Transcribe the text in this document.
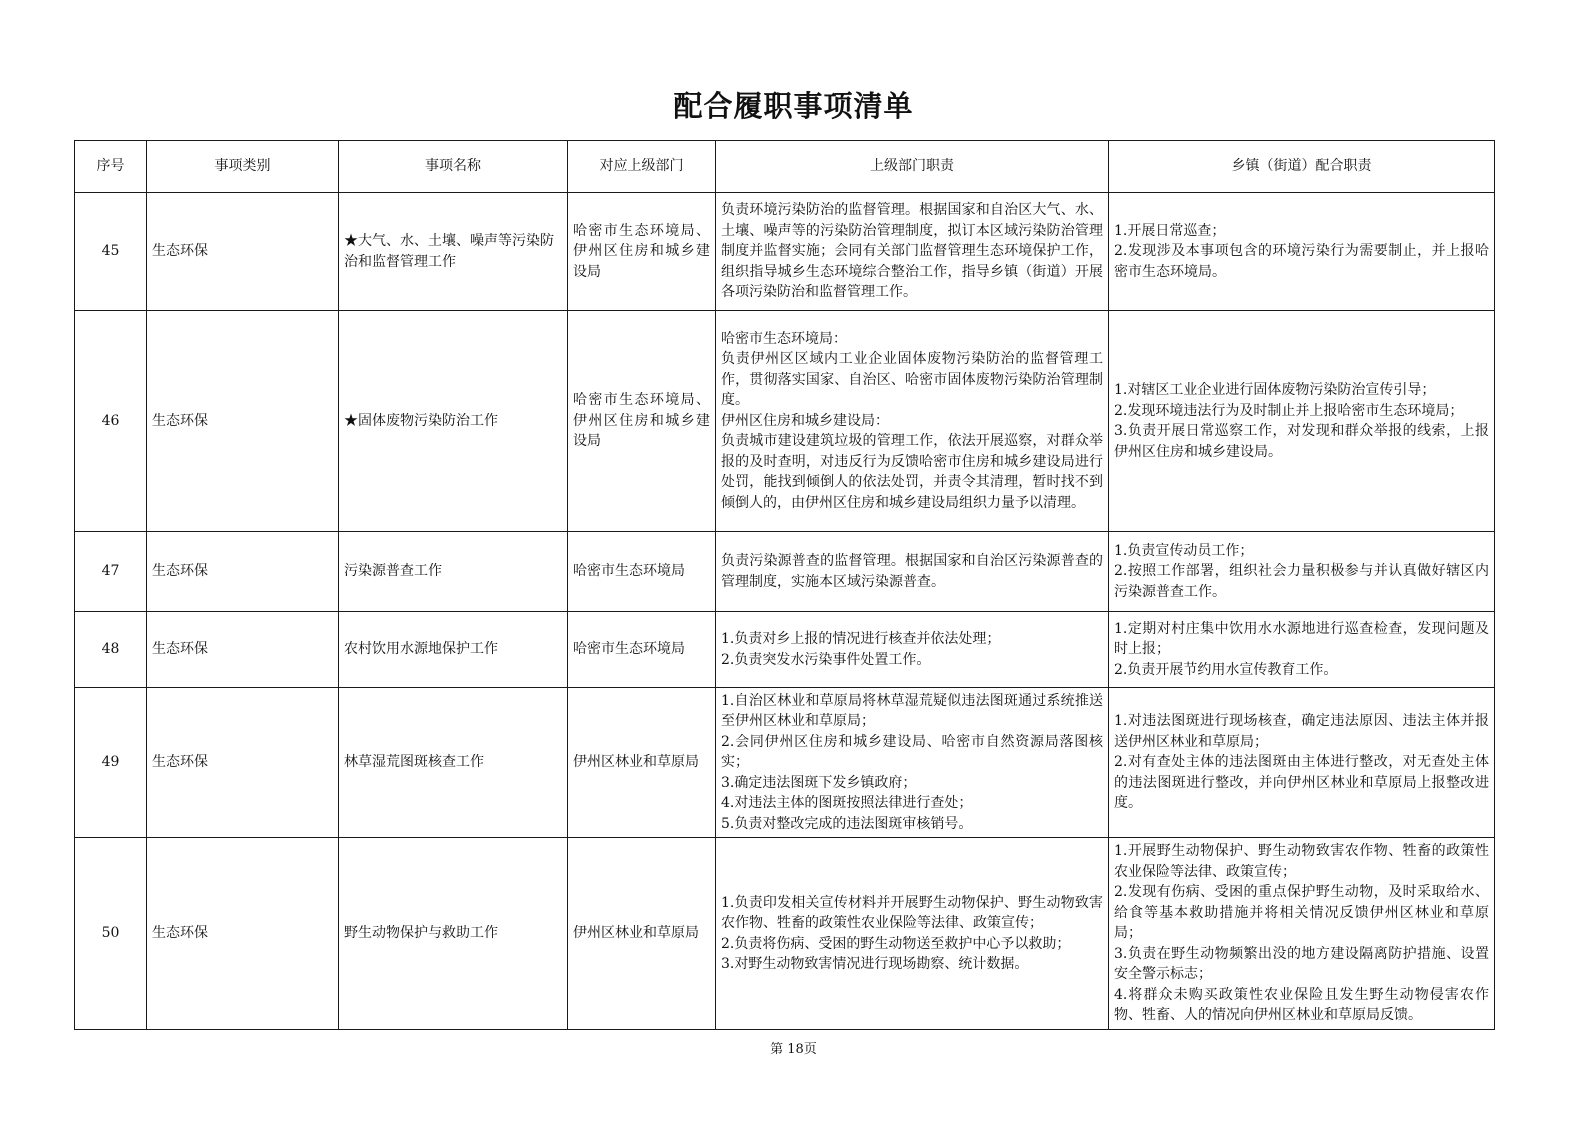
配合履职事项清单
序号	事项类别	事项名称	对应上级部门	上级部门职责	乡镇（街道）配合职责
45	生态环保	★大气、水、土壤、噪声等污染防治和监督管理工作	哈密市生态环境局、伊州区住房和城乡建设局	负责环境污染防治的监督管理。根据国家和自治区大气、水、土壤、噪声等的污染防治管理制度，拟订本区域污染防治管理制度并监督实施；会同有关部门监督管理生态环境保护工作，组织指导城乡生态环境综合整治工作，指导乡镇（街道）开展各项污染防治和监督管理工作。	1.开展日常巡查；
2.发现涉及本事项包含的环境污染行为需要制止，并上报哈密市生态环境局。
46	生态环保	★固体废物污染防治工作	哈密市生态环境局、伊州区住房和城乡建设局	哈密市生态环境局：
负责伊州区区域内工业企业固体废物污染防治的监督管理工作，贯彻落实国家、自治区、哈密市固体废物污染防治管理制度。
伊州区住房和城乡建设局：
负责城市建设建筑垃圾的管理工作，依法开展巡察，对群众举报的及时查明，对违反行为反馈哈密市住房和城乡建设局进行处罚，能找到倾倒人的依法处罚，并责令其清理，暂时找不到倾倒人的，由伊州区住房和城乡建设局组织力量予以清理。	1.对辖区工业企业进行固体废物污染防治宣传引导；
2.发现环境违法行为及时制止并上报哈密市生态环境局；
3.负责开展日常巡察工作，对发现和群众举报的线索，上报伊州区住房和城乡建设局。
47	生态环保	污染源普查工作	哈密市生态环境局	负责污染源普查的监督管理。根据国家和自治区污染源普查的管理制度，实施本区域污染源普查。	1.负责宣传动员工作；
2.按照工作部署，组织社会力量积极参与并认真做好辖区内污染源普查工作。
48	生态环保	农村饮用水源地保护工作	哈密市生态环境局	1.负责对乡上报的情况进行核查并依法处理；
2.负责突发水污染事件处置工作。	1.定期对村庄集中饮用水水源地进行巡查检查，发现问题及时上报；
2.负责开展节约用水宣传教育工作。
49	生态环保	林草湿荒图斑核查工作	伊州区林业和草原局	1.自治区林业和草原局将林草湿荒疑似违法图斑通过系统推送至伊州区林业和草原局；
2.会同伊州区住房和城乡建设局、哈密市自然资源局落图核实；
3.确定违法图斑下发乡镇政府；
4.对违法主体的图斑按照法律进行查处；
5.负责对整改完成的违法图斑审核销号。	1.对违法图斑进行现场核查，确定违法原因、违法主体并报送伊州区林业和草原局；
2.对有查处主体的违法图斑由主体进行整改，对无查处主体的违法图斑进行整改，并向伊州区林业和草原局上报整改进度。
50	生态环保	野生动物保护与救助工作	伊州区林业和草原局	1.负责印发相关宣传材料并开展野生动物保护、野生动物致害农作物、牲畜的政策性农业保险等法律、政策宣传；
2.负责将伤病、受困的野生动物送至救护中心予以救助；
3.对野生动物致害情况进行现场勘察、统计数据。	1.开展野生动物保护、野生动物致害农作物、牲畜的政策性农业保险等法律、政策宣传；
2.发现有伤病、受困的重点保护野生动物，及时采取给水、给食等基本救助措施并将相关情况反馈伊州区林业和草原局；
3.负责在野生动物频繁出没的地方建设隔离防护措施、设置安全警示标志；
4.将群众未购买政策性农业保险且发生野生动物侵害农作物、牲畜、人的情况向伊州区林业和草原局反馈。
第 18页
